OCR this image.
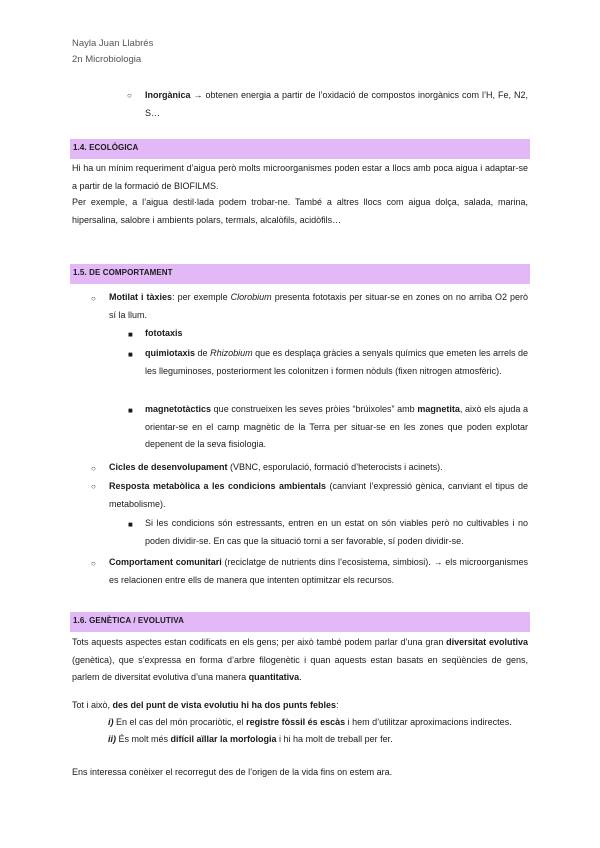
Nayla Juan Llabrés
2n Microbiologia
○ Inorgànica → obtenen energia a partir de l’oxidació de compostos inorgànics com l’H, Fe, N2, S…
1.4. ECOLÒGICA
Hi ha un mínim requeriment d’aigua però molts microorganismes poden estar a llocs amb poca aigua i adaptar-se a partir de la formació de BIOFILMS.
Per exemple, a l’aigua destil·lada podem trobar-ne. També a altres llocs com aigua dolça, salada, marina, hipersalina, salobre i ambients polars, termals, alcalòfils, acidòfils…
1.5. DE COMPORTAMENT
○ Motilat i tàxies: per exemple Clorobium presenta fototaxis per situar-se en zones on no arriba O2 però sí la llum.
■ fototaxis
■ quimiotaxis de Rhizobium que es desplaça gràcies a senyals químics que emeten les arrels de les lleguminoses, posteriorment les colonitzen i formen nòduls (fixen nitrogen atmosfèric).
■ magnetotàctics que construeixen les seves pròies “brúixoles” amb magnetita, això els ajuda a orientar-se en el camp magnètic de la Terra per situar-se en les zones que poden explotar depenent de la seva fisiologia.
○ Cicles de desenvolupament (VBNC, esporulació, formació d’heterocists i acinets).
○ Resposta metabòlica a les condicions ambientals (canviant l’expressió gènica, canviant el tipus de metabolisme).
■ Si les condicions són estressants, entren en un estat on són viables però no cultivables i no poden dividir-se. En cas que la situació torni a ser favorable, sí poden dividir-se.
○ Comportament comunitari (reciclatge de nutrients dins l’ecosistema, simbiosi). → els microorganismes es relacionen entre ells de manera que intenten optimitzar els recursos.
1.6. GENÈTICA / EVOLUTIVA
Tots aquests aspectes estan codificats en els gens; per això també podem parlar d’una gran diversitat evolutiva (genètica), que s’expressa en forma d’arbre filogenètic i quan aquests estan basats en seqüències de gens, parlem de diversitat evolutiva d’una manera quantitativa.
Tot i això, des del punt de vista evolutiu hi ha dos punts febles:
i) En el cas del món procariòtic, el registre fòssil és escàs i hem d’utilitzar aproximacions indirectes.
ii) És molt més difícil aïllar la morfologia i hi ha molt de treball per fer.
Ens interessa conèixer el recorregut des de l’origen de la vida fins on estem ara.
